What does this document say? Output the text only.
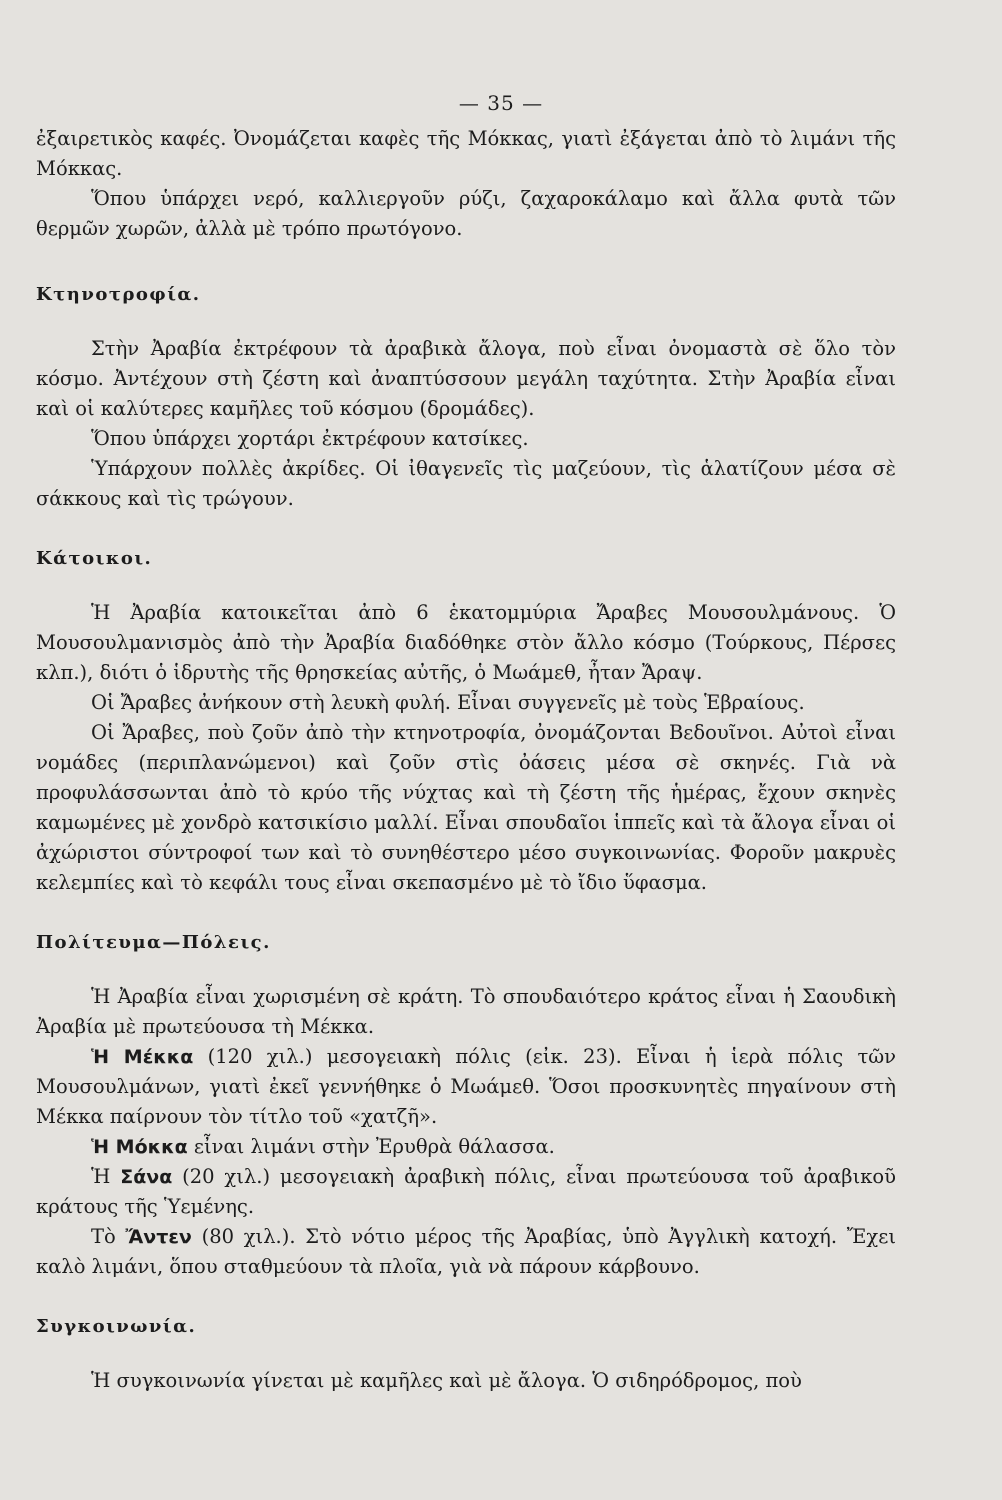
— 35 —

ἐξαιρετικὸς καφές. Ὀνομάζεται καφὲς τῆς Μόκκας, γιατὶ ἐξάγεται ἀπὸ τὸ λιμάνι τῆς Μόκκας.

Ὅπου ὑπάρχει νερό, καλλιεργοῦν ρύζι, ζαχαροκάλαμο καὶ ἄλλα φυτὰ τῶν θερμῶν χωρῶν, ἀλλὰ μὲ τρόπο πρωτόγονο.

Κτηνοτροφία.

Στὴν Ἀραβία ἐκτρέφουν τὰ ἀραβικὰ ἄλογα, ποὺ εἶναι ὀνομαστὰ σὲ ὅλο τὸν κόσμο. Ἀντέχουν στὴ ζέστη καὶ ἀναπτύσσουν μεγάλη ταχύτητα. Στὴν Ἀραβία εἶναι καὶ οἱ καλύτερες καμῆλες τοῦ κόσμου (δρομάδες).

Ὅπου ὑπάρχει χορτάρι ἐκτρέφουν κατσίκες.

Ὑπάρχουν πολλὲς ἀκρίδες. Οἱ ἰθαγενεῖς τὶς μαζεύουν, τὶς ἁλατίζουν μέσα σὲ σάκκους καὶ τὶς τρώγουν.

Κάτοικοι.

Ἡ Ἀραβία κατοικεῖται ἀπὸ 6 ἑκατομμύρια Ἄραβες Μουσουλμάνους. Ὁ Μουσουλμανισμὸς ἀπὸ τὴν Ἀραβία διαδόθηκε στὸν ἄλλο κόσμο (Τούρκους, Πέρσες κλπ.), διότι ὁ ἱδρυτὴς τῆς θρησκείας αὐτῆς, ὁ Μωάμεθ, ἦταν Ἄραψ.

Οἱ Ἄραβες ἀνήκουν στὴ λευκὴ φυλή. Εἶναι συγγενεῖς μὲ τοὺς Ἑβραίους.

Οἱ Ἄραβες, ποὺ ζοῦν ἀπὸ τὴν κτηνοτροφία, ὀνομάζονται Βεδουῖνοι. Αὐτοὶ εἶναι νομάδες (περιπλανώμενοι) καὶ ζοῦν στὶς ὀάσεις μέσα σὲ σκηνές. Γιὰ νὰ προφυλάσσωνται ἀπὸ τὸ κρύο τῆς νύχτας καὶ τὴ ζέστη τῆς ἡμέρας, ἔχουν σκηνὲς καμωμένες μὲ χονδρὸ κατσικίσιο μαλλί. Εἶναι σπουδαῖοι ἱππεῖς καὶ τὰ ἄλογα εἶναι οἱ ἀχώριστοι σύντροφοί των καὶ τὸ συνηθέστερο μέσο συγκοινωνίας. Φοροῦν μακρυὲς κελεμπίες καὶ τὸ κεφάλι τους εἶναι σκεπασμένο μὲ τὸ ἴδιο ὕφασμα.

Πολίτευμα—Πόλεις.

Ἡ Ἀραβία εἶναι χωρισμένη σὲ κράτη. Τὸ σπουδαιότερο κράτος εἶναι ἡ Σαουδικὴ Ἀραβία μὲ πρωτεύουσα τὴ Μέκκα.

Ἡ Μέκκα (120 χιλ.) μεσογειακὴ πόλις (εἰκ. 23). Εἶναι ἡ ἱερὰ πόλις τῶν Μουσουλμάνων, γιατὶ ἐκεῖ γεννήθηκε ὁ Μωάμεθ. Ὅσοι προσκυνητὲς πηγαίνουν στὴ Μέκκα παίρνουν τὸν τίτλο τοῦ «χατζῆ».

Ἡ Μόκκα εἶναι λιμάνι στὴν Ἐρυθρὰ θάλασσα.

Ἡ Σάνα (20 χιλ.) μεσογειακὴ ἀραβικὴ πόλις, εἶναι πρωτεύουσα τοῦ ἀραβικοῦ κράτους τῆς Ὑεμένης.

Τὸ Ἄντεν (80 χιλ.). Στὸ νότιο μέρος τῆς Ἀραβίας, ὑπὸ Ἀγγλικὴ κατοχή. Ἔχει καλὸ λιμάνι, ὅπου σταθμεύουν τὰ πλοῖα, γιὰ νὰ πάρουν κάρβουνο.

Συγκοινωνία.

Ἡ συγκοινωνία γίνεται μὲ καμῆλες καὶ μὲ ἄλογα. Ὁ σιδηρόδρομος, ποὺ
